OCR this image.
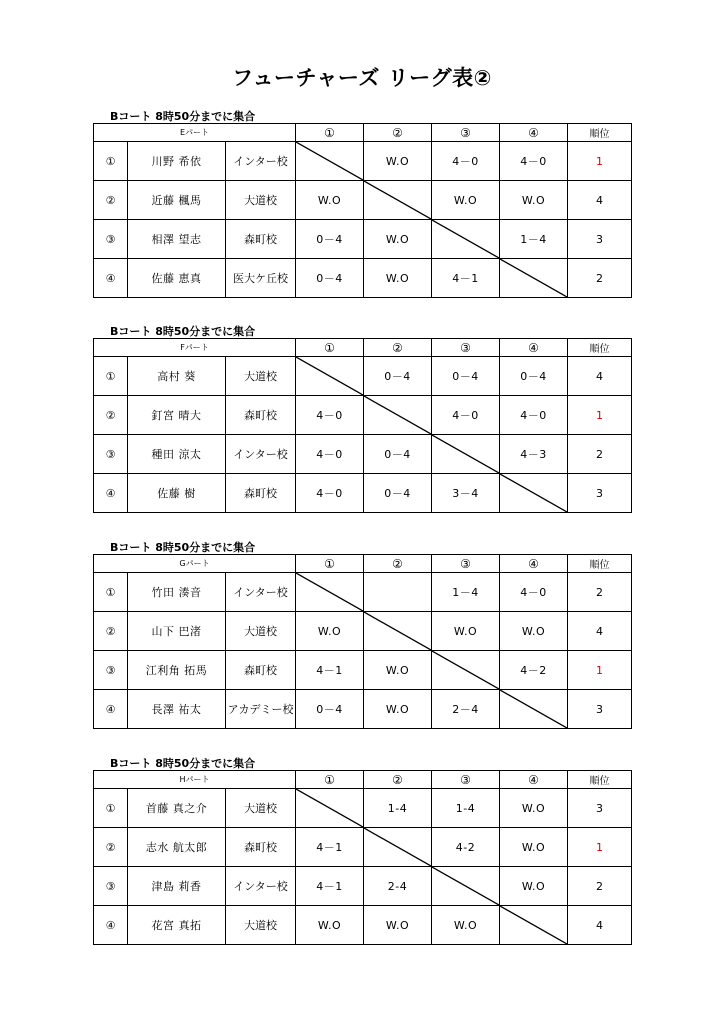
フューチャーズ リーグ表②
Bコート 8時50分までに集合
Eパート			①	②	③	④	順位
①	川野 希依	インター校		W.O	4－0	4－0	1
②	近藤 楓馬	大道校	W.O		W.O	W.O	4
③	相澤 望志	森町校	0－4	W.O		1－4	3
④	佐藤 恵真	医大ケ丘校	0－4	W.O	4－1		2
Bコート 8時50分までに集合
Fパート			①	②	③	④	順位
①	高村 葵	大道校		0－4	0－4	0－4	4
②	釘宮 晴大	森町校	4－0		4－0	4－0	1
③	種田 涼太	インター校	4－0	0－4		4－3	2
④	佐藤 樹	森町校	4－0	0－4	3－4		3
Bコート 8時50分までに集合
Gパート			①	②	③	④	順位
①	竹田 湊音	インター校			1－4	4－0	2
②	山下 巴渚	大道校	W.O		W.O	W.O	4
③	江利角 拓馬	森町校	4－1	W.O		4－2	1
④	長澤 祐太	アカデミー校	0－4	W.O	2－4		3
Bコート 8時50分までに集合
Hパート			①	②	③	④	順位
①	首藤 真之介	大道校		1-4	1-4	W.O	3
②	志水 航太郎	森町校	4－1		4-2	W.O	1
③	津島 莉香	インター校	4－1	2-4		W.O	2
④	花宮 真拓	大道校	W.O	W.O	W.O		4
